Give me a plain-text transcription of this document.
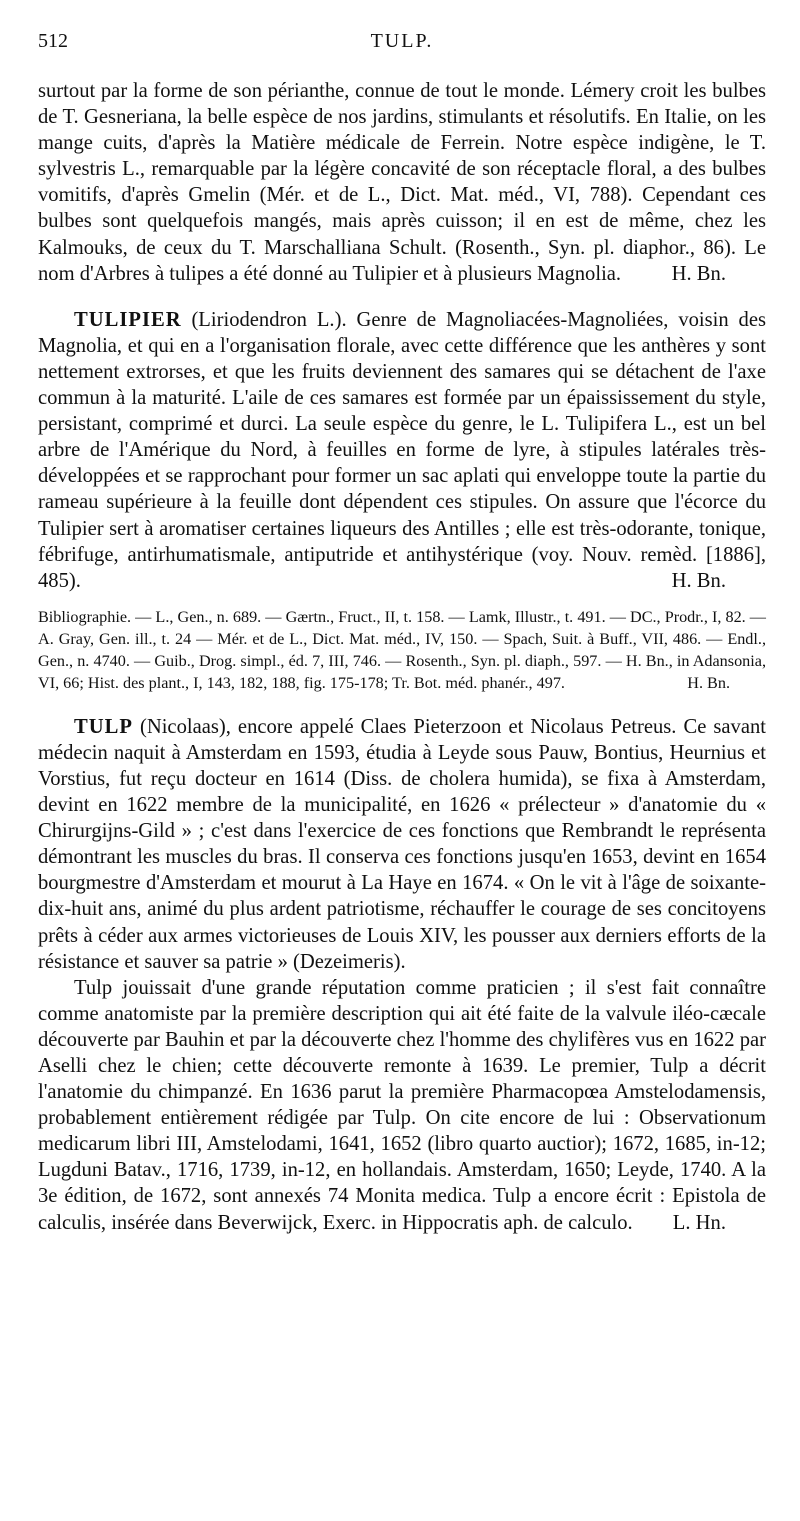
512	TULP.

surtout par la forme de son périanthe, connue de tout le monde. Lémery croit les bulbes de T. Gesneriana, la belle espèce de nos jardins, stimulants et résolutifs. En Italie, on les mange cuits, d'après la Matière médicale de Ferrein. Notre espèce indigène, le T. sylvestris L., remarquable par la légère concavité de son réceptacle floral, a des bulbes vomitifs, d'après Gmelin (Mér. et de L., Dict. Mat. méd., VI, 788). Cependant ces bulbes sont quelquefois mangés, mais après cuisson; il en est de même, chez les Kalmouks, de ceux du T. Marschalliana Schult. (Rosenth., Syn. pl. diaphor., 86). Le nom d'Arbres à tulipes a été donné au Tulipier et à plusieurs Magnolia. H. Bn.

TULIPIER (Liriodendron L.). Genre de Magnoliacées-Magnoliées, voisin des Magnolia, et qui en a l'organisation florale, avec cette différence que les anthères y sont nettement extrorses, et que les fruits deviennent des samares qui se détachent de l'axe commun à la maturité. L'aile de ces samares est formée par un épaississement du style, persistant, comprimé et durci. La seule espèce du genre, le L. Tulipifera L., est un bel arbre de l'Amérique du Nord, à feuilles en forme de lyre, à stipules latérales très-développées et se rapprochant pour former un sac aplati qui enveloppe toute la partie du rameau supérieure à la feuille dont dépendent ces stipules. On assure que l'écorce du Tulipier sert à aromatiser certaines liqueurs des Antilles ; elle est très-odorante, tonique, fébrifuge, antirhumatismale, antiputride et antihystérique (voy. Nouv. remèd. [1886], 485).	H. Bn.

Bibliographie. — L., Gen., n. 689. — Gærtn., Fruct., II, t. 158. — Lamk, Illustr., t. 491. — DC., Prodr., I, 82. — A. Gray, Gen. ill., t. 24 — Mér. et de L., Dict. Mat. méd., IV, 150. — Spach, Suit. à Buff., VII, 486. — Endl., Gen., n. 4740. — Guib., Drog. simpl., éd. 7, III, 746. — Rosenth., Syn. pl. diaph., 597. — H. Bn., in Adansonia, VI, 66; Hist. des plant., I, 143, 182, 188, fig. 175-178; Tr. Bot. méd. phanér., 497.	H. Bn.

TULP (Nicolaas), encore appelé Claes Pieterzoon et Nicolaus Petreus. Ce savant médecin naquit à Amsterdam en 1593, étudia à Leyde sous Pauw, Bontius, Heurnius et Vorstius, fut reçu docteur en 1614 (Diss. de cholera humida), se fixa à Amsterdam, devint en 1622 membre de la municipalité, en 1626 « prélecteur » d'anatomie du « Chirurgijns-Gild » ; c'est dans l'exercice de ces fonctions que Rembrandt le représenta démontrant les muscles du bras. Il conserva ces fonctions jusqu'en 1653, devint en 1654 bourgmestre d'Amsterdam et mourut à La Haye en 1674. « On le vit à l'âge de soixante-dix-huit ans, animé du plus ardent patriotisme, réchauffer le courage de ses concitoyens prêts à céder aux armes victorieuses de Louis XIV, les pousser aux derniers efforts de la résistance et sauver sa patrie » (Dezeimeris).

Tulp jouissait d'une grande réputation comme praticien ; il s'est fait connaître comme anatomiste par la première description qui ait été faite de la valvule iléo-cæcale découverte par Bauhin et par la découverte chez l'homme des chylifères vus en 1622 par Aselli chez le chien; cette découverte remonte à 1639. Le premier, Tulp a décrit l'anatomie du chimpanzé. En 1636 parut la première Pharmacopœa Amstelodamensis, probablement entièrement rédigée par Tulp. On cite encore de lui : Observationum medicarum libri III, Amstelodami, 1641, 1652 (libro quarto auctior); 1672, 1685, in-12; Lugduni Batav., 1716, 1739, in-12, en hollandais. Amsterdam, 1650; Leyde, 1740. A la 3e édition, de 1672, sont annexés 74 Monita medica. Tulp a encore écrit : Epistola de calculis, insérée dans Beverwijck, Exerc. in Hippocratis aph. de calculo.	L. Hn.
